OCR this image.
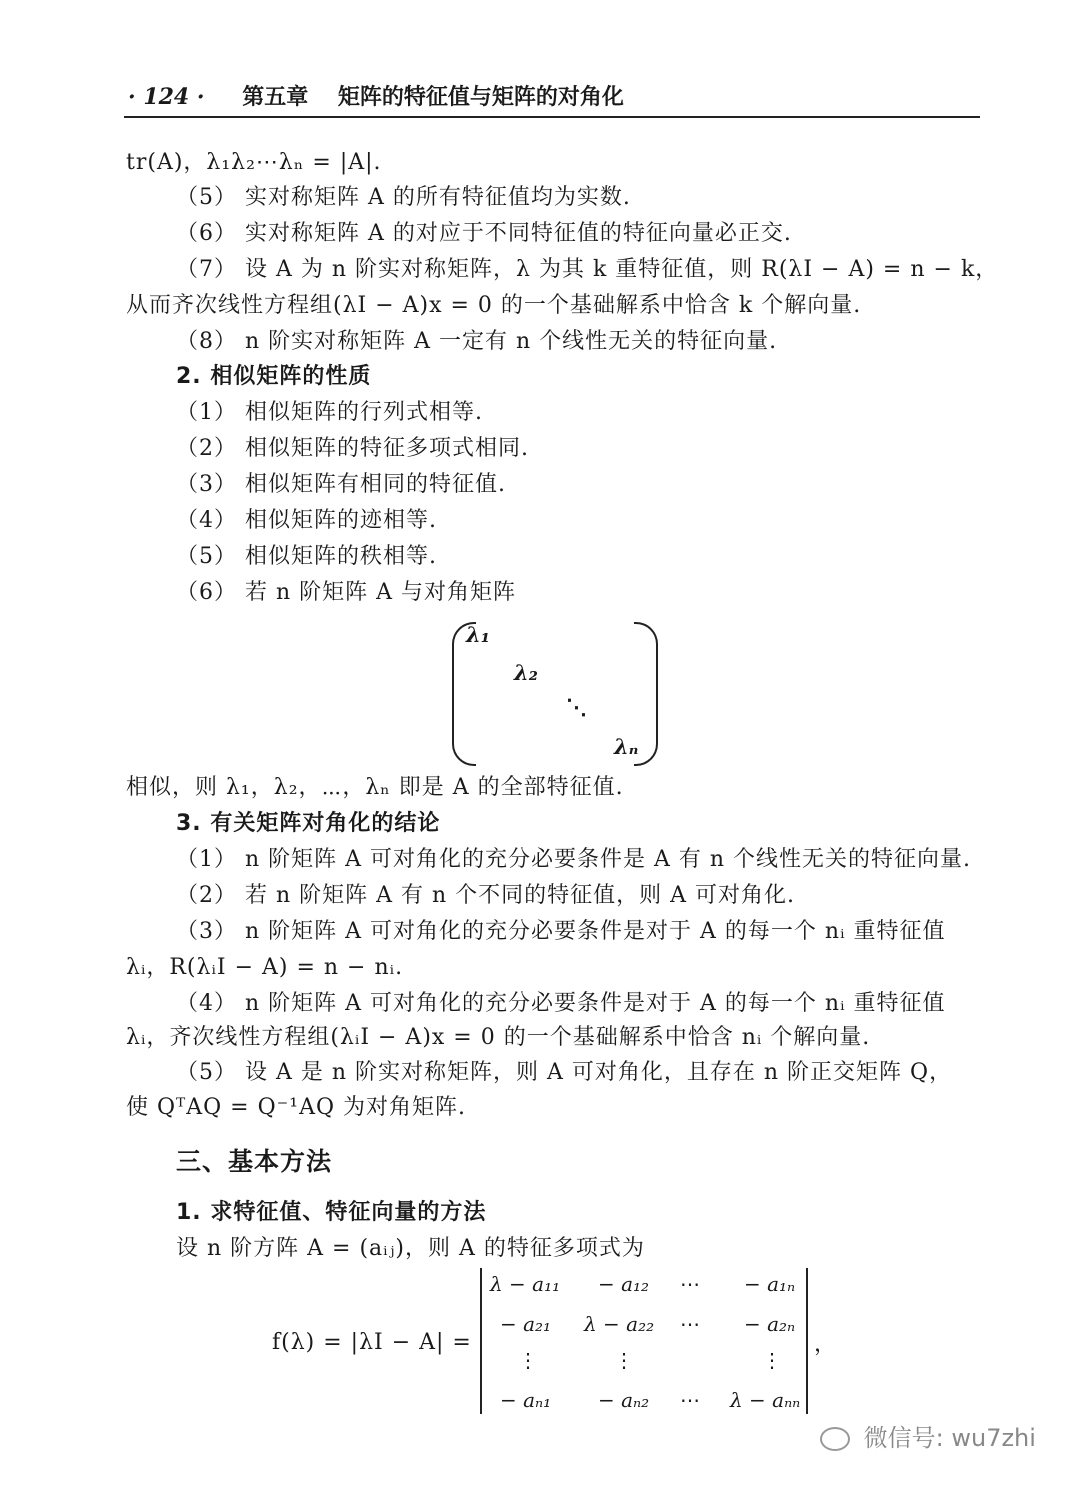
· 124 · 第五章 矩阵的特征值与矩阵的对角化
tr(A)，λ₁λ₂⋯λₙ = |A|.
（5） 实对称矩阵 A 的所有特征值均为实数.
（6） 实对称矩阵 A 的对应于不同特征值的特征向量必正交.
（7） 设 A 为 n 阶实对称矩阵，λ 为其 k 重特征值，则 R(λI − A) = n − k，
从而齐次线性方程组(λI − A)x = 0 的一个基础解系中恰含 k 个解向量.
（8） n 阶实对称矩阵 A 一定有 n 个线性无关的特征向量.
2. 相似矩阵的性质
（1） 相似矩阵的行列式相等.
（2） 相似矩阵的特征多项式相同.
（3） 相似矩阵有相同的特征值.
（4） 相似矩阵的迹相等.
（5） 相似矩阵的秩相等.
（6） 若 n 阶矩阵 A 与对角矩阵
λ₁
λ₂
⋱
λₙ
相似，则 λ₁，λ₂，⋯，λₙ 即是 A 的全部特征值.
3. 有关矩阵对角化的结论
（1） n 阶矩阵 A 可对角化的充分必要条件是 A 有 n 个线性无关的特征向量.
（2） 若 n 阶矩阵 A 有 n 个不同的特征值，则 A 可对角化.
（3） n 阶矩阵 A 可对角化的充分必要条件是对于 A 的每一个 nᵢ 重特征值
λᵢ，R(λᵢI − A) = n − nᵢ.
（4） n 阶矩阵 A 可对角化的充分必要条件是对于 A 的每一个 nᵢ 重特征值
λᵢ，齐次线性方程组(λᵢI − A)x = 0 的一个基础解系中恰含 nᵢ 个解向量.
（5） 设 A 是 n 阶实对称矩阵，则 A 可对角化，且存在 n 阶正交矩阵 Q，
使 QᵀAQ = Q⁻¹AQ 为对角矩阵.
三、基本方法
1. 求特征值、特征向量的方法
设 n 阶方阵 A = (aᵢⱼ)，则 A 的特征多项式为
f(λ) = |λI − A| =
λ − a₁₁ − a₁₂ ⋯ − a₁ₙ
− a₂₁ λ − a₂₂ ⋯ − a₂ₙ
⋮	⋮	⋮
− aₙ₁ − aₙ₂ ⋯ λ − aₙₙ
，
微信号: wu7zhi
